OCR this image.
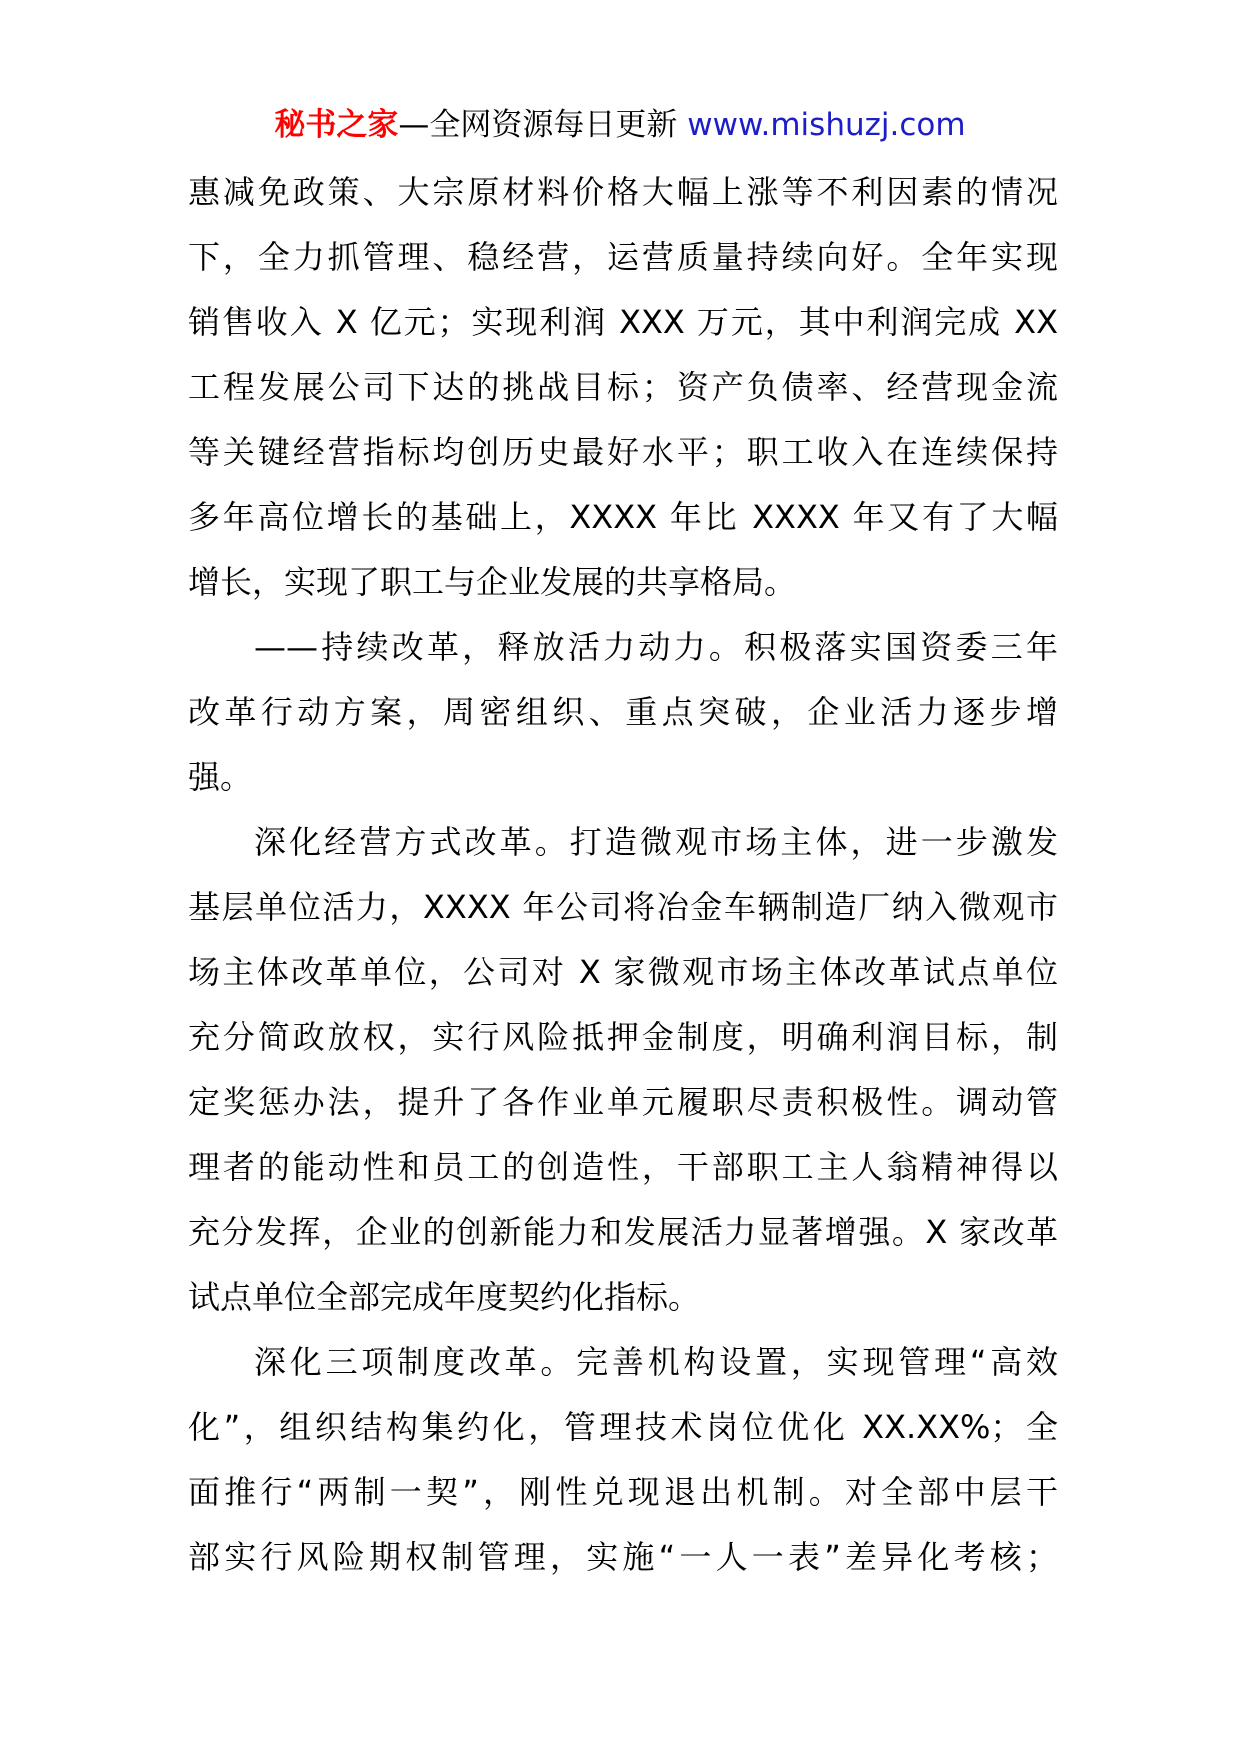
秘书之家—全网资源每日更新 www.mishuzj.com
惠减免政策、大宗原材料价格大幅上涨等不利因素的情况
下，全力抓管理、稳经营，运营质量持续向好。全年实现
销售收入 X 亿元；实现利润 XXX 万元，其中利润完成 XX
工程发展公司下达的挑战目标；资产负债率、经营现金流
等关键经营指标均创历史最好水平；职工收入在连续保持
多年高位增长的基础上，XXXX 年比 XXXX 年又有了大幅
增长，实现了职工与企业发展的共享格局。
——持续改革，释放活力动力。积极落实国资委三年
改革行动方案，周密组织、重点突破，企业活力逐步增
强。
深化经营方式改革。打造微观市场主体，进一步激发
基层单位活力，XXXX 年公司将冶金车辆制造厂纳入微观市
场主体改革单位，公司对 X 家微观市场主体改革试点单位
充分简政放权，实行风险抵押金制度，明确利润目标，制
定奖惩办法，提升了各作业单元履职尽责积极性。调动管
理者的能动性和员工的创造性，干部职工主人翁精神得以
充分发挥，企业的创新能力和发展活力显著增强。X 家改革
试点单位全部完成年度契约化指标。
深化三项制度改革。完善机构设置，实现管理“高效
化”，组织结构集约化，管理技术岗位优化 XX.XX%；全
面推行“两制一契”，刚性兑现退出机制。对全部中层干
部实行风险期权制管理，实施“一人一表”差异化考核；
